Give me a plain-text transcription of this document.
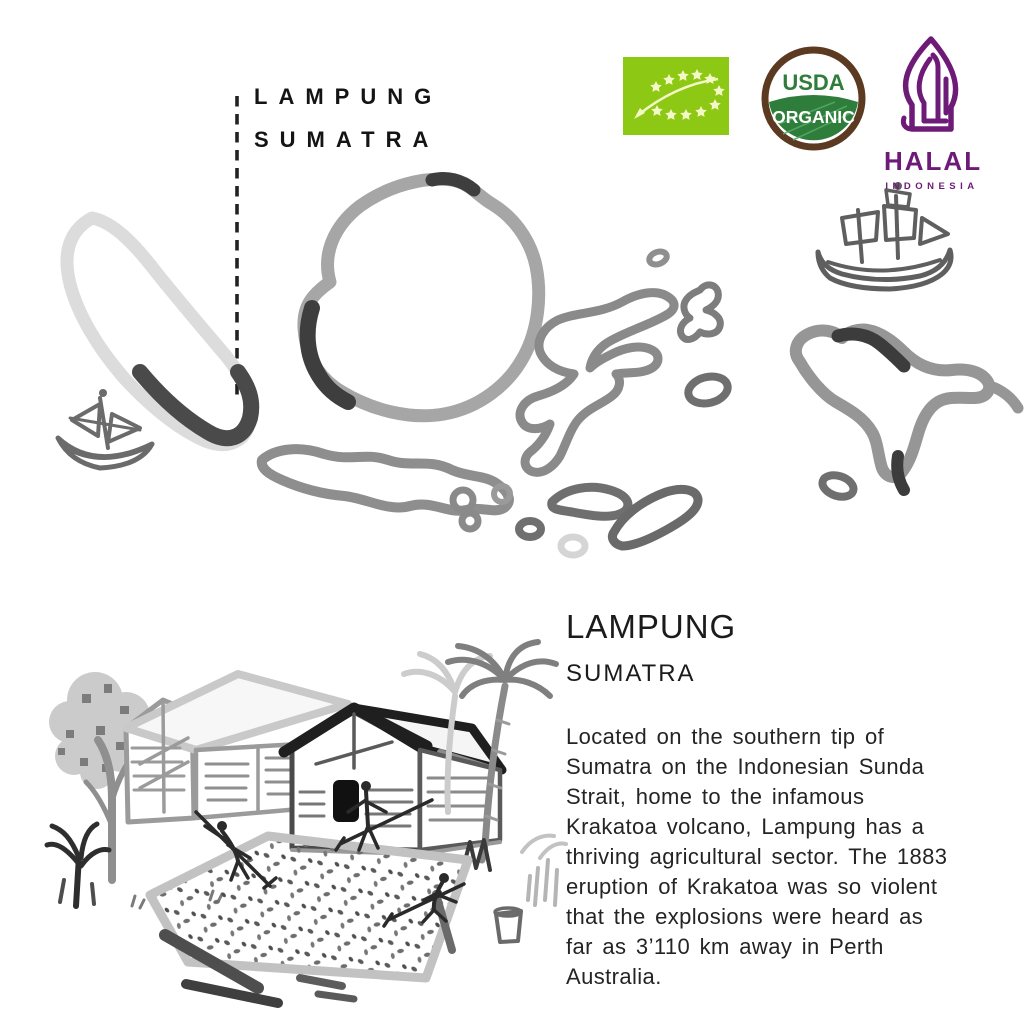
LAMPUNG
SUMATRA
USDA
ORGANIC
HALAL
INDONESIA
LAMPUNG
SUMATRA
Located on the southern tip of
Sumatra on the Indonesian Sunda
Strait, home to the infamous
Krakatoa volcano, Lampung has a
thriving agricultural sector. The 1883
eruption of Krakatoa was so violent
that the explosions were heard as
far as 3’110 km away in Perth
Australia.
